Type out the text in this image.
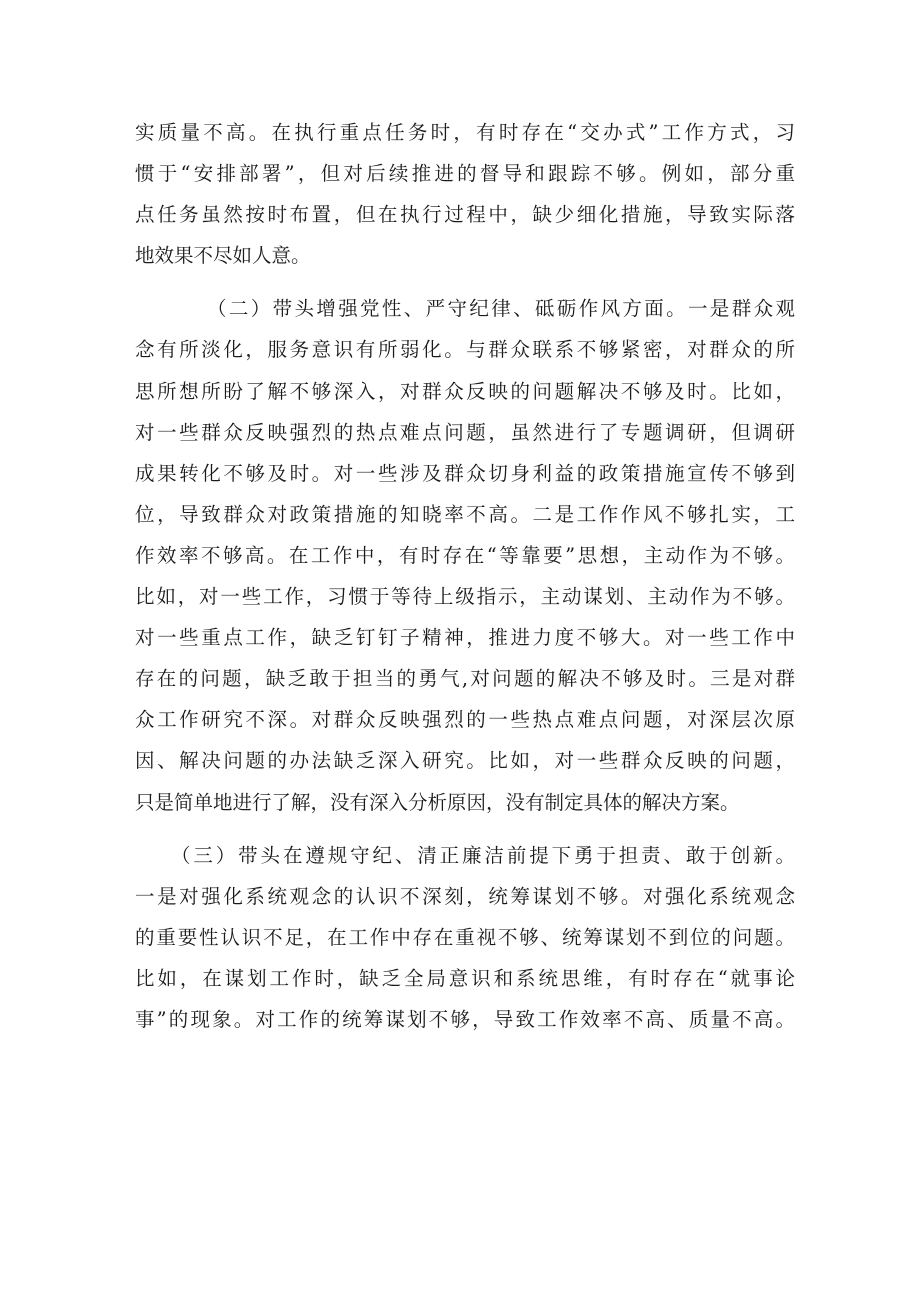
实质量不高。在执行重点任务时，有时存在“交办式”工作方式，习
惯于“安排部署”，但对后续推进的督导和跟踪不够。例如，部分重
点任务虽然按时布置，但在执行过程中，缺少细化措施，导致实际落
地效果不尽如人意。
（二）带头增强党性、严守纪律、砥砺作风方面。一是群众观
念有所淡化，服务意识有所弱化。与群众联系不够紧密，对群众的所
思所想所盼了解不够深入，对群众反映的问题解决不够及时。比如，
对一些群众反映强烈的热点难点问题，虽然进行了专题调研，但调研
成果转化不够及时。对一些涉及群众切身利益的政策措施宣传不够到
位，导致群众对政策措施的知晓率不高。二是工作作风不够扎实，工
作效率不够高。在工作中，有时存在“等靠要”思想，主动作为不够。
比如，对一些工作，习惯于等待上级指示，主动谋划、主动作为不够。
对一些重点工作，缺乏钉钉子精神，推进力度不够大。对一些工作中
存在的问题，缺乏敢于担当的勇气,对问题的解决不够及时。三是对群
众工作研究不深。对群众反映强烈的一些热点难点问题，对深层次原
因、解决问题的办法缺乏深入研究。比如，对一些群众反映的问题，
只是简单地进行了解，没有深入分析原因，没有制定具体的解决方案。
（三）带头在遵规守纪、清正廉洁前提下勇于担责、敢于创新。
一是对强化系统观念的认识不深刻，统筹谋划不够。对强化系统观念
的重要性认识不足，在工作中存在重视不够、统筹谋划不到位的问题。
比如，在谋划工作时，缺乏全局意识和系统思维，有时存在“就事论
事”的现象。对工作的统筹谋划不够，导致工作效率不高、质量不高。
